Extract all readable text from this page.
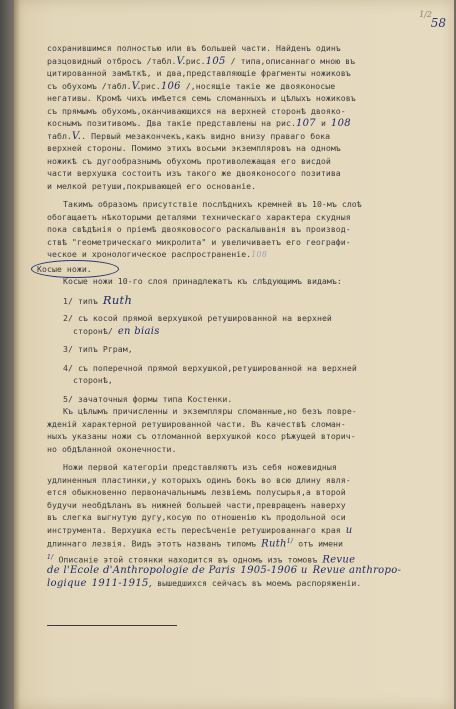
1/2
58
сохранившимся полностью или въ большей части. Найденъ одинъ
разцовидный отбросъ /табл.V.рис.105 / типа,описаннаго мною въ
цитированной замѣткѣ, и два,представляющіе фрагменты ножиковъ
съ обухомъ /табл.V.рис.106 /,носящіе такіе же двояконосые
негативы. Кромѣ чихъ имѣется семь сломанныхъ и цѣлыхъ ножиковъ
съ прямымъ обухомъ,оканчивающихся на верхней сторонѣ двояко-
коснымъ позитивомъ. Два такіе представлены на рис.107 и 108
табл.V.. Первый мезакончекъ,какъ видно внизу праваго бока
верхней стороны. Помимо этихъ восьми экземпляровъ на одномъ
ножикѣ съ дугообразнымъ обухомъ противолежащая его висдой
части верхушка состоитъ изъ такого же двояконосого позитива
и мелкой ретуши,покрывающей его основаніе.
Такимъ образомъ присутствіе послѣднихъ кремней въ 10-мъ слоѣ
обогащаетъ нѣкоторыми деталями техническаго характера скудныя
пока свѣдѣнія о пріемѣ двояковосого раскалыванія въ производ-
ствѣ "геометрическаго микролита" и увеличиваетъ его географи-
ческое и хронологическое распространеніе.108
Косые ножи.
Косые ножи 10-го слоя принадлежатъ къ слѣдующимъ видамъ:
1/ типъ Ruth
2/ съ косой прямой верхушкой ретушированной на верхней
сторонѣ/ en biais
3/ типъ Pграм,
4/ съ поперечной прямой верхушкой,ретушированной на верхней
сторонѣ,
5/ зачаточныя формы типа Костенки.
Къ цѣлымъ причисленны и экземпляры сломанные,но безъ повре-
жденій характерной ретушированной части. Въ качествѣ сломан-
ныхъ указаны ножи съ отломанной верхушкой косо рѣжущей вторич-
но обдѣланной оконечности.
Ножи первой категоріи представляютъ изъ себя ножевидныя
удлиненныя пластинки,у которыхъ одинъ бокъ во всю длину явля-
ется обыкновенно первоначальнымъ лезвіемъ полусырья,а второй
будучи необдѣланъ въ нижней большей части,превращенъ наверху
въ слегка выгнутую дугу,косую по отношенію къ продольной оси
инструмента. Верхушка есть пересѣченіе ретушированнаго края и
длиннаго лезвія. Видъ этотъ названъ типомъ Ruth$^{1/}$ отъ имени
$^{1/}$ Описаніе этой стоянки находится въ одномъ изъ томовъ Revue
de l'Ecole d'Anthropologie de Paris 1905-1906 и Revue anthropo-
logique 1911-1915, вышедшихся сейчасъ въ моемъ распоряженіи.
